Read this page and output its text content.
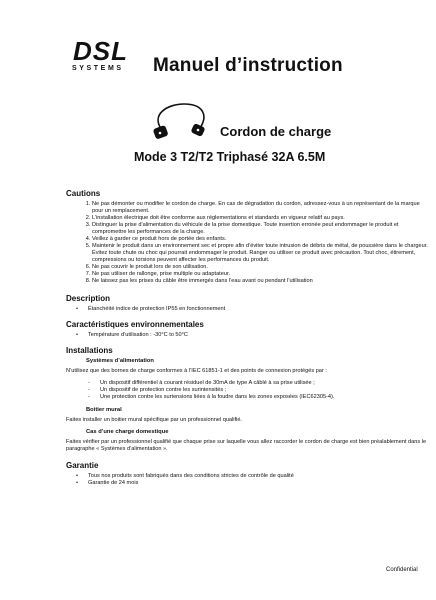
DSL
SYSTEMS Manuel d’instruction
Cordon de charge
Mode 3 T2/T2 Triphasé 32A 6.5M
Cautions
1. Ne pas démonter ou modifier le cordon de charge. En cas de dégradation du cordon, adressez-vous à un représentant de la marque pour un remplacement.
2. L’installation électrique doit être conforme aux réglementations et standards en vigueur relatif au pays.
3. Distinguer la prise d’alimentation du véhicule de la prise domestique. Toute insertion erronée peut endommager le produit et compromettre les performances de la charge.
4. Veillez à garder ce produit hors de portée des enfants.
5. Maintenir le produit dans un environnement sec et propre afin d’éviter toute intrusion de débris de métal, de poussière dans le chargeur. Évitez toute chute ou choc qui pourrait endommager le produit. Ranger ou utiliser ce produit avec précaution. Tout choc, étirement, compressions ou torsions peuvent affecter les performances du produit.
6. Ne pas couvrir le produit lors de son utilisation.
7. Ne pas utiliser de rallonge, prise multiple ou adaptateur.
8. Ne laissez pas les prises du câble être immergés dans l’eau avant ou pendant l’utilisation
Description
• Étanchéité indice de protection IP55 en fonctionnement
Caractéristiques environnementales
• Température d’utilisation : -30°C to 50°C
Installations
Systèmes d’alimentation
N’utilisez que des bornes de charge conformes à l’IEC 61851-1 et des points de connexion protégés par :
- Un dispositif différentiel à courant résiduel de 30mA de type A câblé à sa prise utilisée ;
- Un dispositif de protection contre les surintensités ;
- Une protection contre les surtensions liées à la foudre dans les zones exposées (IEC62305-4).
Boitier mural
Faites installer un boitier mural spécifique par un professionnel qualifié.
Cas d’une charge domestique
Faites vérifier par un professionnel qualifié que chaque prise sur laquelle vous allez raccorder le cordon de charge est bien préalablement dans le paragraphe « Systèmes d’alimentation ».
Garantie
• Tous nos produits sont fabriqués dans des conditions strictes de contrôle de qualité
• Garantie de 24 mois
Confidential
